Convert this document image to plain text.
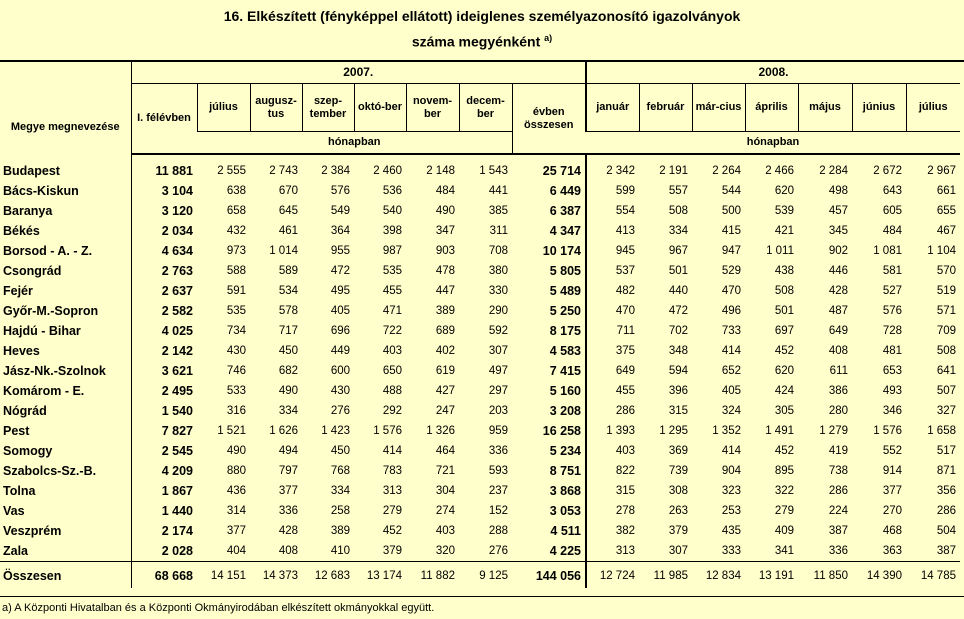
16. Elkészített (fényképpel ellátott) ideiglenes személyazonosító igazolványok
száma megyénként $^{a)}$
Megye megnevezése	2007.								2008.						
	I. félévben	július	augusz-tus	szep-tember	októ-ber	novem-ber	decem-ber	évben összesen	január	február	már-cius	április	május	június	július
		hónapban							hónapban						
Budapest	11 881	2 555	2 743	2 384	2 460	2 148	1 543	25 714	2 342	2 191	2 264	2 466	2 284	2 672	2 967
Bács-Kiskun	3 104	638	670	576	536	484	441	6 449	599	557	544	620	498	643	661
Baranya	3 120	658	645	549	540	490	385	6 387	554	508	500	539	457	605	655
Békés	2 034	432	461	364	398	347	311	4 347	413	334	415	421	345	484	467
Borsod - A. - Z.	4 634	973	1 014	955	987	903	708	10 174	945	967	947	1 011	902	1 081	1 104
Csongrád	2 763	588	589	472	535	478	380	5 805	537	501	529	438	446	581	570
Fejér	2 637	591	534	495	455	447	330	5 489	482	440	470	508	428	527	519
Győr-M.-Sopron	2 582	535	578	405	471	389	290	5 250	470	472	496	501	487	576	571
Hajdú - Bihar	4 025	734	717	696	722	689	592	8 175	711	702	733	697	649	728	709
Heves	2 142	430	450	449	403	402	307	4 583	375	348	414	452	408	481	508
Jász-Nk.-Szolnok	3 621	746	682	600	650	619	497	7 415	649	594	652	620	611	653	641
Komárom - E.	2 495	533	490	430	488	427	297	5 160	455	396	405	424	386	493	507
Nógrád	1 540	316	334	276	292	247	203	3 208	286	315	324	305	280	346	327
Pest	7 827	1 521	1 626	1 423	1 576	1 326	959	16 258	1 393	1 295	1 352	1 491	1 279	1 576	1 658
Somogy	2 545	490	494	450	414	464	336	5 234	403	369	414	452	419	552	517
Szabolcs-Sz.-B.	4 209	880	797	768	783	721	593	8 751	822	739	904	895	738	914	871
Tolna	1 867	436	377	334	313	304	237	3 868	315	308	323	322	286	377	356
Vas	1 440	314	336	258	279	274	152	3 053	278	263	253	279	224	270	286
Veszprém	2 174	377	428	389	452	403	288	4 511	382	379	435	409	387	468	504
Zala	2 028	404	408	410	379	320	276	4 225	313	307	333	341	336	363	387
Összesen	68 668	14 151	14 373	12 683	13 174	11 882	9 125	144 056	12 724	11 985	12 834	13 191	11 850	14 390	14 785
a) A Központi Hivatalban és a Központi Okmányirodában elkészített okmányokkal együtt.
